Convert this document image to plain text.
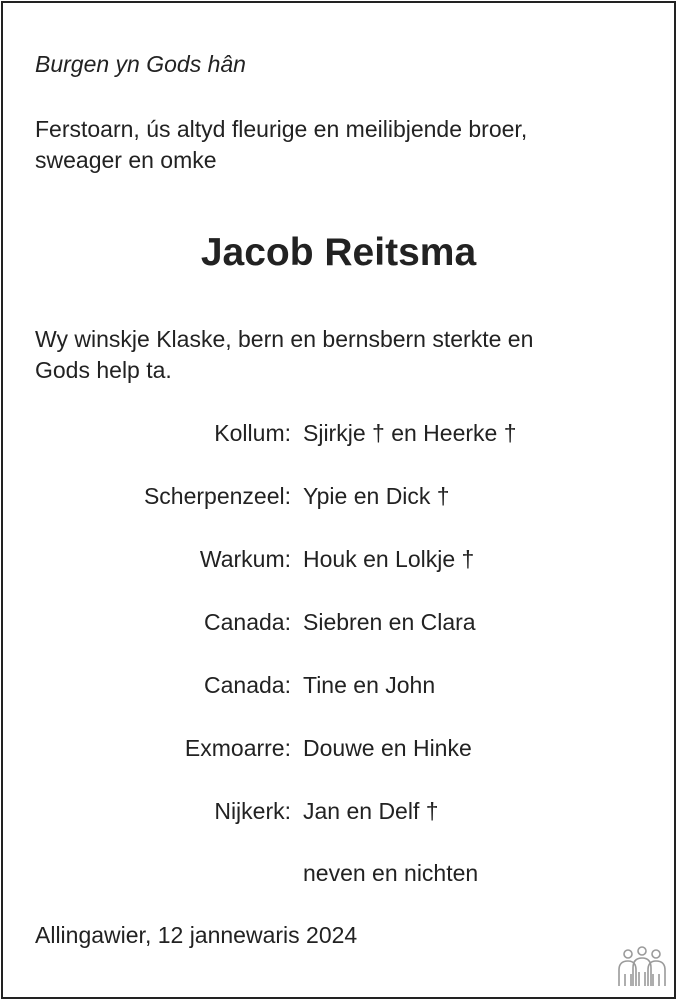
Burgen yn Gods hân
Ferstoarn, ús altyd fleurige en meilibjende broer,
sweager en omke
Jacob Reitsma
Wy winskje Klaske, bern en bernsbern sterkte en
Gods help ta.
Kollum: Sjirkje † en Heerke †
Scherpenzeel: Ypie en Dick †
Warkum: Houk en Lolkje †
Canada: Siebren en Clara
Canada: Tine en John
Exmoarre: Douwe en Hinke
Nijkerk: Jan en Delf †
neven en nichten
Allingawier, 12 jannewaris 2024
